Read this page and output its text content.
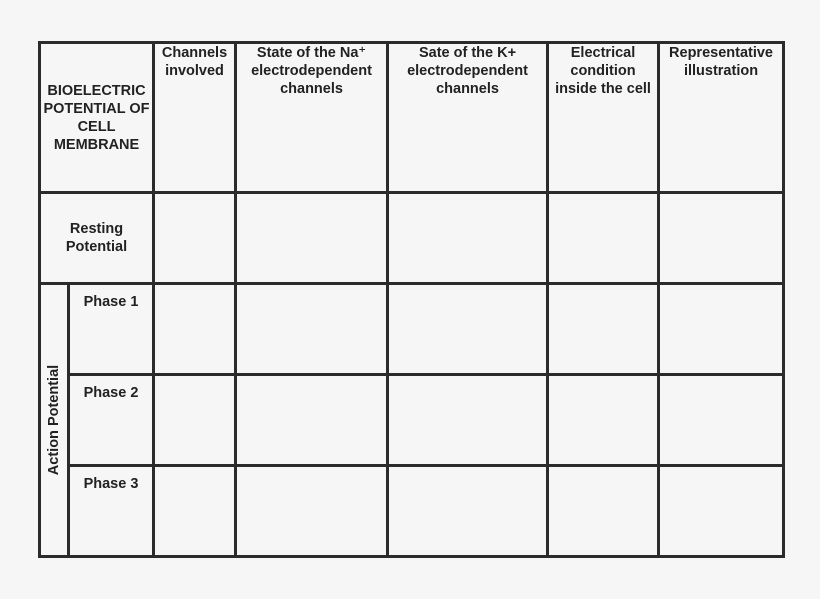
BIOELECTRIC POTENTIAL OF CELL MEMBRANE		Channels involved	State of the Na⁺ electrodependent channels	Sate of the K+ electrodependent channels	Electrical condition inside the cell	Representative illustration
Resting Potential						

Action Potential	Phase 1					
	Phase 2					
	Phase 3					
